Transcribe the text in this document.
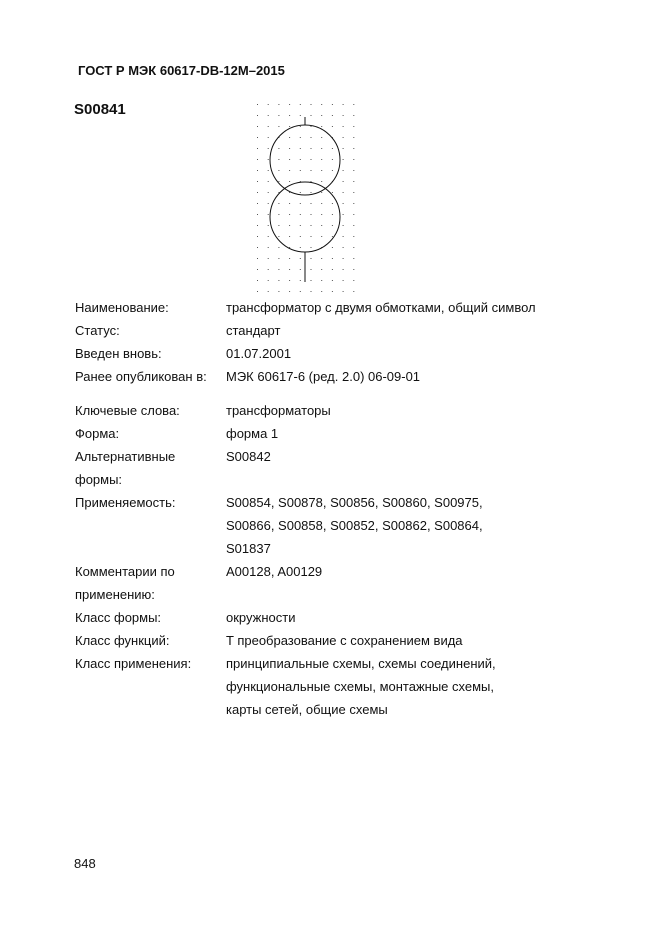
ГОСТ Р МЭК 60617-DB-12M–2015
S00841
Наименование:	трансформатор с двумя обмотками, общий символ
Статус:	стандарт
Введен вновь:	01.07.2001
Ранее опубликован в:	МЭК 60617-6 (ред. 2.0) 06-09-01
Ключевые слова:	трансформаторы
Форма:	форма 1
Альтернативные формы:
S00842
Применяемость:	S00854, S00878, S00856, S00860, S00975, S00866, S00858, S00852, S00862, S00864, S01837
Комментарии по применению:
A00128, A00129
Класс формы:	окружности
Класс функций:	T преобразование с сохранением вида
Класс применения:	принципиальные схемы, схемы соединений, функциональные схемы, монтажные схемы, карты сетей, общие схемы
848
